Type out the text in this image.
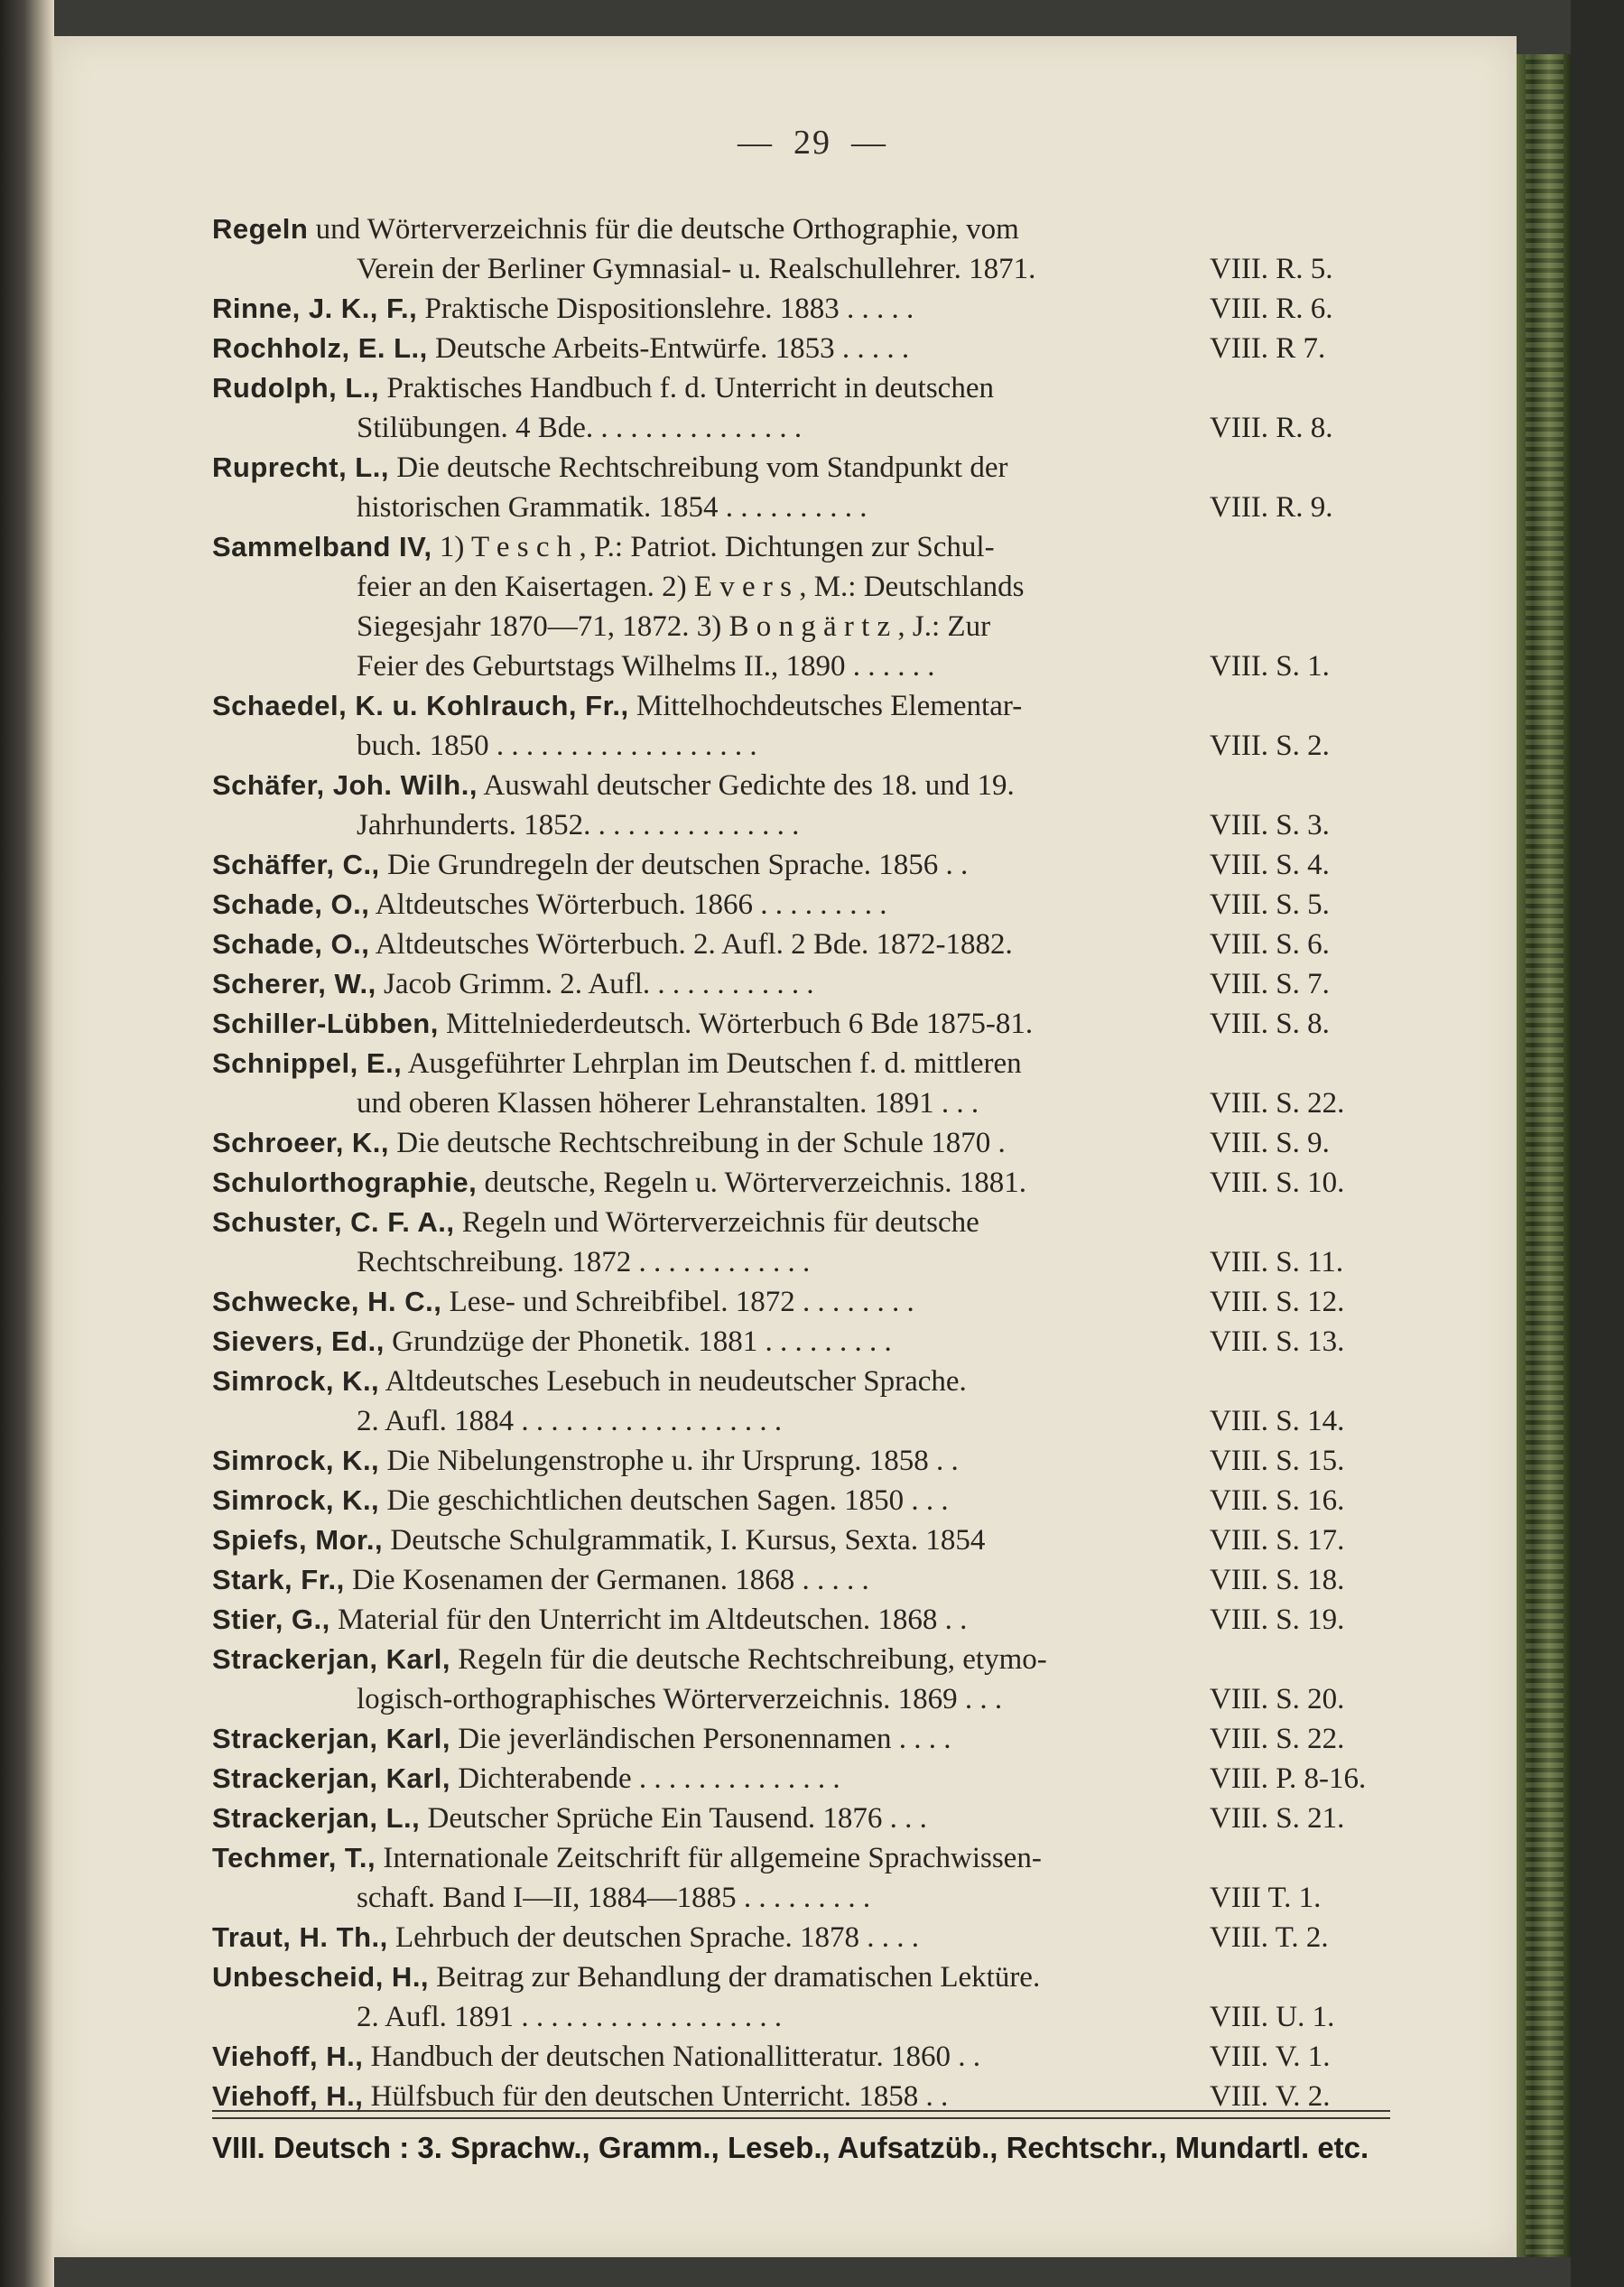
— 29 —
Regeln und Wörterverzeichnis für die deutsche Orthographie, vom
Verein der Berliner Gymnasial- u. Realschullehrer. 1871.	VIII. R. 5.
Rinne, J. K., F., Praktische Dispositionslehre. 1883 . . . . .	VIII. R. 6.
Rochholz, E. L., Deutsche Arbeits-Entwürfe. 1853 . . . . .	VIII. R 7.
Rudolph, L., Praktisches Handbuch f. d. Unterricht in deutschen
Stilübungen. 4 Bde. . . . . . . . . . . . . . .	VIII. R. 8.
Ruprecht, L., Die deutsche Rechtschreibung vom Standpunkt der
historischen Grammatik. 1854 . . . . . . . . . .	VIII. R. 9.
Sammelband IV, 1) T e s c h , P.: Patriot. Dichtungen zur Schul-
feier an den Kaisertagen. 2) E v e r s , M.: Deutschlands
Siegesjahr 1870—71, 1872. 3) B o n g ä r t z , J.: Zur
Feier des Geburtstags Wilhelms II., 1890 . . . . . .	VIII. S. 1.
Schaedel, K. u. Kohlrauch, Fr., Mittelhochdeutsches Elementar-
buch. 1850 . . . . . . . . . . . . . . . . . .	VIII. S. 2.
Schäfer, Joh. Wilh., Auswahl deutscher Gedichte des 18. und 19.
Jahrhunderts. 1852. . . . . . . . . . . . . . .	VIII. S. 3.
Schäffer, C., Die Grundregeln der deutschen Sprache. 1856 . .	VIII. S. 4.
Schade, O., Altdeutsches Wörterbuch. 1866 . . . . . . . . .	VIII. S. 5.
Schade, O., Altdeutsches Wörterbuch. 2. Aufl. 2 Bde. 1872-1882.	VIII. S. 6.
Scherer, W., Jacob Grimm. 2. Aufl. . . . . . . . . . . .	VIII. S. 7.
Schiller-Lübben, Mittelniederdeutsch. Wörterbuch 6 Bde 1875-81.	VIII. S. 8.
Schnippel, E., Ausgeführter Lehrplan im Deutschen f. d. mittleren
und oberen Klassen höherer Lehranstalten. 1891 . . .	VIII. S. 22.
Schroeer, K., Die deutsche Rechtschreibung in der Schule 1870 .	VIII. S. 9.
Schulorthographie, deutsche, Regeln u. Wörterverzeichnis. 1881.	VIII. S. 10.
Schuster, C. F. A., Regeln und Wörterverzeichnis für deutsche
Rechtschreibung. 1872 . . . . . . . . . . . .	VIII. S. 11.
Schwecke, H. C., Lese- und Schreibfibel. 1872 . . . . . . . .	VIII. S. 12.
Sievers, Ed., Grundzüge der Phonetik. 1881 . . . . . . . . .	VIII. S. 13.
Simrock, K., Altdeutsches Lesebuch in neudeutscher Sprache.
2. Aufl. 1884 . . . . . . . . . . . . . . . . . .	VIII. S. 14.
Simrock, K., Die Nibelungenstrophe u. ihr Ursprung. 1858 . .	VIII. S. 15.
Simrock, K., Die geschichtlichen deutschen Sagen. 1850 . . .	VIII. S. 16.
Spiefs, Mor., Deutsche Schulgrammatik, I. Kursus, Sexta. 1854	VIII. S. 17.
Stark, Fr., Die Kosenamen der Germanen. 1868 . . . . .	VIII. S. 18.
Stier, G., Material für den Unterricht im Altdeutschen. 1868 . .	VIII. S. 19.
Strackerjan, Karl, Regeln für die deutsche Rechtschreibung, etymo-
logisch-orthographisches Wörterverzeichnis. 1869 . . .	VIII. S. 20.
Strackerjan, Karl, Die jeverländischen Personennamen . . . .	VIII. S. 22.
Strackerjan, Karl, Dichterabende . . . . . . . . . . . . . .	VIII. P. 8-16.
Strackerjan, L., Deutscher Sprüche Ein Tausend. 1876 . . .	VIII. S. 21.
Techmer, T., Internationale Zeitschrift für allgemeine Sprachwissen-
schaft. Band I—II, 1884—1885 . . . . . . . . .	VIII T. 1.
Traut, H. Th., Lehrbuch der deutschen Sprache. 1878 . . . .	VIII. T. 2.
Unbescheid, H., Beitrag zur Behandlung der dramatischen Lektüre.
2. Aufl. 1891 . . . . . . . . . . . . . . . . . .	VIII. U. 1.
Viehoff, H., Handbuch der deutschen Nationallitteratur. 1860 . .	VIII. V. 1.
Viehoff, H., Hülfsbuch für den deutschen Unterricht. 1858 . .	VIII. V. 2.
VIII. Deutsch : 3. Sprachw., Gramm., Leseb., Aufsatzüb., Rechtschr., Mundartl. etc.
